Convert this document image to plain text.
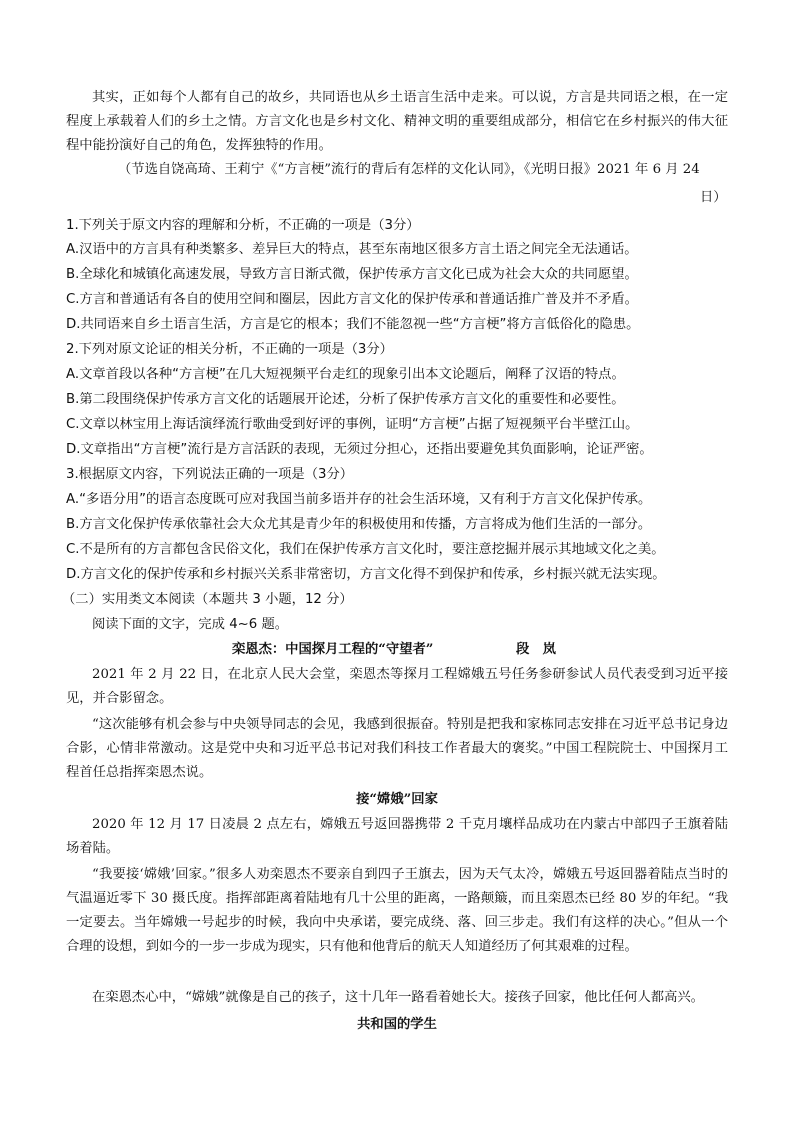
其实，正如每个人都有自己的故乡，共同语也从乡土语言生活中走来。可以说，方言是共同语之根，在一定程度上承载着人们的乡土之情。方言文化也是乡村文化、精神文明的重要组成部分，相信它在乡村振兴的伟大征程中能扮演好自己的角色，发挥独特的作用。
（节选自饶高琦、王莉宁《“方言梗”流行的背后有怎样的文化认同》，《光明日报》2021 年 6 月 24
日）
1.下列关于原文内容的理解和分析，不正确的一项是（3分）
A.汉语中的方言具有种类繁多、差异巨大的特点，甚至东南地区很多方言土语之间完全无法通话。
B.全球化和城镇化高速发展，导致方言日渐式微，保护传承方言文化已成为社会大众的共同愿望。
C.方言和普通话有各自的使用空间和圈层，因此方言文化的保护传承和普通话推广普及并不矛盾。
D.共同语来自乡土语言生活，方言是它的根本；我们不能忽视一些“方言梗”将方言低俗化的隐患。
2.下列对原文论证的相关分析，不正确的一项是（3分）
A.文章首段以各种“方言梗”在几大短视频平台走红的现象引出本文论题后，阐释了汉语的特点。
B.第二段围绕保护传承方言文化的话题展开论述，分析了保护传承方言文化的重要性和必要性。
C.文章以林宝用上海话演绎流行歌曲受到好评的事例，证明“方言梗”占据了短视频平台半壁江山。
D.文章指出“方言梗”流行是方言活跃的表现，无须过分担心，还指出要避免其负面影响，论证严密。
3.根据原文内容，下列说法正确的一项是（3分）
A.“多语分用”的语言态度既可应对我国当前多语并存的社会生活环境，又有利于方言文化保护传承。
B.方言文化保护传承依靠社会大众尤其是青少年的积极使用和传播，方言将成为他们生活的一部分。
C.不是所有的方言都包含民俗文化，我们在保护传承方言文化时，要注意挖掘并展示其地域文化之美。
D.方言文化的保护传承和乡村振兴关系非常密切，方言文化得不到保护和传承，乡村振兴就无法实现。
（二）实用类文本阅读（本题共 3 小题，12 分）
阅读下面的文字，完成 4~6 题。
栾恩杰：中国探月工程的“守望者”	段　岚
2021 年 2 月 22 日，在北京人民大会堂，栾恩杰等探月工程嫦娥五号任务参研参试人员代表受到习近平接见，并合影留念。
“这次能够有机会参与中央领导同志的会见，我感到很振奋。特别是把我和家栋同志安排在习近平总书记身边合影，心情非常激动。这是党中央和习近平总书记对我们科技工作者最大的褒奖。”中国工程院院士、中国探月工程首任总指挥栾恩杰说。
接“嫦娥”回家
2020 年 12 月 17 日凌晨 2 点左右，嫦娥五号返回器携带 2 千克月壤样品成功在内蒙古中部四子王旗着陆场着陆。
“我要接‘嫦娥’回家。”很多人劝栾恩杰不要亲自到四子王旗去，因为天气太冷，嫦娥五号返回器着陆点当时的气温逼近零下 30 摄氏度。指挥部距离着陆地有几十公里的距离，一路颠簸，而且栾恩杰已经 80 岁的年纪。“我一定要去。当年嫦娥一号起步的时候，我向中央承诺，要完成绕、落、回三步走。我们有这样的决心。”但从一个合理的设想，到如今的一步一步成为现实，只有他和他背后的航天人知道经历了何其艰难的过程。
在栾恩杰心中，“嫦娥”就像是自己的孩子，这十几年一路看着她长大。接孩子回家，他比任何人都高兴。
共和国的学生
